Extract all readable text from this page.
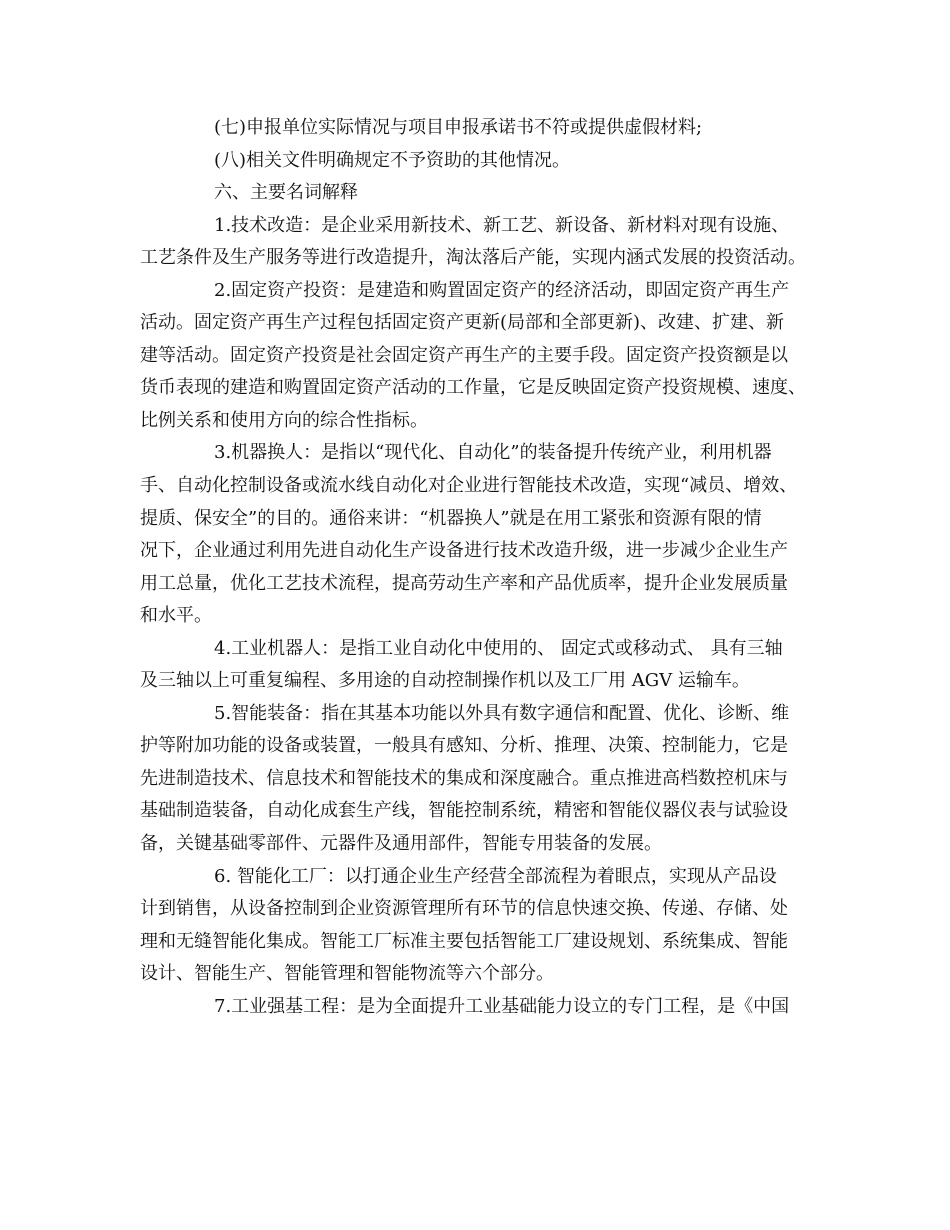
(七)申报单位实际情况与项目申报承诺书不符或提供虚假材料;
(八)相关文件明确规定不予资助的其他情况。
六、主要名词解释
1.技术改造：是企业采用新技术、新工艺、新设备、新材料对现有设施、
工艺条件及生产服务等进行改造提升，淘汰落后产能，实现内涵式发展的投资活动。
2.固定资产投资：是建造和购置固定资产的经济活动，即固定资产再生产
活动。固定资产再生产过程包括固定资产更新(局部和全部更新)、改建、扩建、新
建等活动。固定资产投资是社会固定资产再生产的主要手段。固定资产投资额是以
货币表现的建造和购置固定资产活动的工作量，它是反映固定资产投资规模、速度、
比例关系和使用方向的综合性指标。
3.机器换人：是指以“现代化、自动化”的装备提升传统产业，利用机器
手、自动化控制设备或流水线自动化对企业进行智能技术改造，实现“减员、增效、
提质、保安全”的目的。通俗来讲：“机器换人”就是在用工紧张和资源有限的情
况下，企业通过利用先进自动化生产设备进行技术改造升级，进一步减少企业生产
用工总量，优化工艺技术流程，提高劳动生产率和产品优质率，提升企业发展质量
和水平。
4.工业机器人：是指工业自动化中使用的、 固定式或移动式、 具有三轴
及三轴以上可重复编程、多用途的自动控制操作机以及工厂用 AGV 运输车。
5.智能装备：指在其基本功能以外具有数字通信和配置、优化、诊断、维
护等附加功能的设备或装置，一般具有感知、分析、推理、决策、控制能力，它是
先进制造技术、信息技术和智能技术的集成和深度融合。重点推进高档数控机床与
基础制造装备，自动化成套生产线，智能控制系统，精密和智能仪器仪表与试验设
备，关键基础零部件、元器件及通用部件，智能专用装备的发展。
6. 智能化工厂：以打通企业生产经营全部流程为着眼点，实现从产品设
计到销售，从设备控制到企业资源管理所有环节的信息快速交换、传递、存储、处
理和无缝智能化集成。智能工厂标准主要包括智能工厂建设规划、系统集成、智能
设计、智能生产、智能管理和智能物流等六个部分。
7.工业强基工程：是为全面提升工业基础能力设立的专门工程，是《中国
